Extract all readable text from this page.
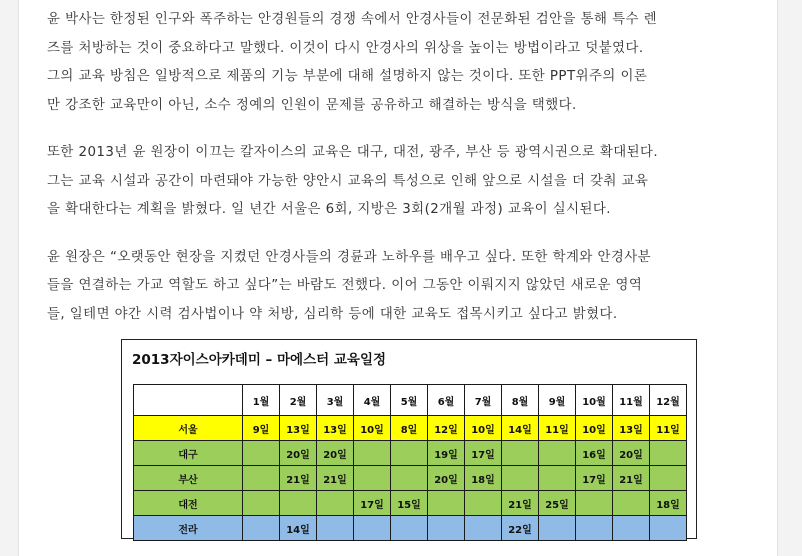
윤 박사는 한정된 인구와 폭주하는 안경원들의 경쟁 속에서 안경사들이 전문화된 검안을 통해 특수 렌
즈를 처방하는 것이 중요하다고 말했다. 이것이 다시 안경사의 위상을 높이는 방법이라고 덧붙였다.
그의 교육 방침은 일방적으로 제품의 기능 부분에 대해 설명하지 않는 것이다. 또한 PPT위주의 이론
만 강조한 교육만이 아닌, 소수 정예의 인원이 문제를 공유하고 해결하는 방식을 택했다.
또한 2013년 윤 원장이 이끄는 칼자이스의 교육은 대구, 대전, 광주, 부산 등 광역시권으로 확대된다.
그는 교육 시설과 공간이 마련돼야 가능한 양안시 교육의 특성으로 인해 앞으로 시설을 더 갖춰 교육
을 확대한다는 계획을 밝혔다. 일 년간 서울은 6회, 지방은 3회(2개월 과정) 교육이 실시된다.
윤 원장은 “오랫동안 현장을 지켰던 안경사들의 경륜과 노하우를 배우고 싶다. 또한 학계와 안경사분
들을 연결하는 가교 역할도 하고 싶다”는 바람도 전했다. 이어 그동안 이뤄지지 않았던 새로운 영역
들, 일테면 야간 시력 검사법이나 약 처방, 심리학 등에 대한 교육도 접목시키고 싶다고 밝혔다.
2013자이스아카데미 – 마에스터 교육일정
	1월	2월	3월	4월	5월	6월	7월	8월	9월	10월	11월	12월
서울	9일	13일	13일	10일	8일	12일	10일	14일	11일	10일	13일	11일
대구		20일	20일			19일	17일			16일	20일	
부산		21일	21일			20일	18일			17일	21일	
대전				17일	15일			21일	25일			18일
전라		14일						22일				
